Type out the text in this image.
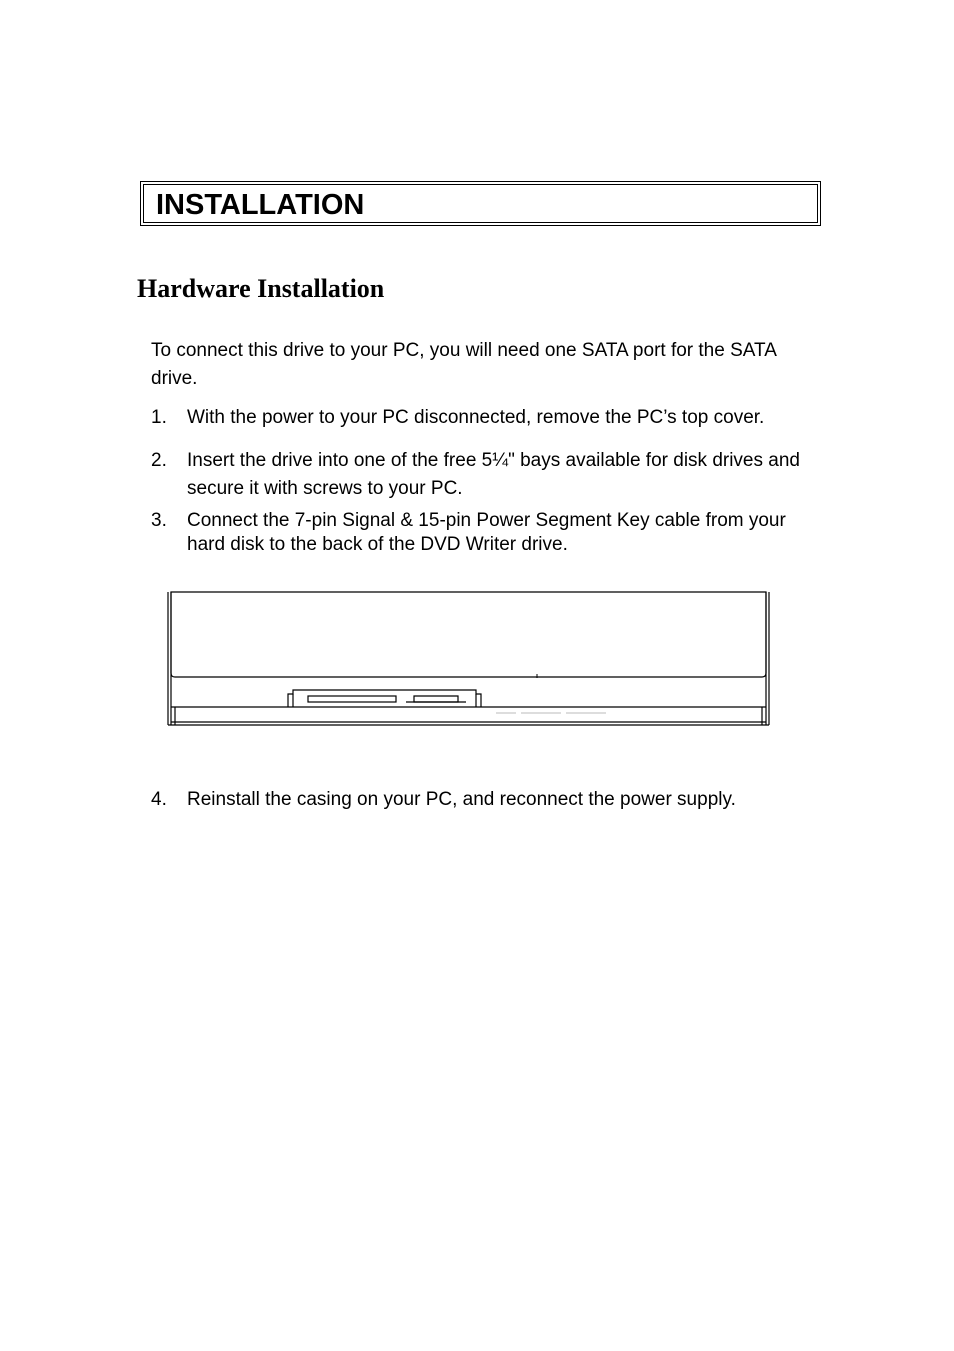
INSTALLATION
Hardware Installation

To connect this drive to your PC, you will need one SATA port for the SATA drive.

1. With the power to your PC disconnected, remove the PC’s top cover.
2. Insert the drive into one of the free 5¼" bays available for disk drives and secure it with screws to your PC.
3. Connect the 7-pin Signal & 15-pin Power Segment Key cable from your hard disk to the back of the DVD Writer drive.
4. Reinstall the casing on your PC, and reconnect the power supply.
